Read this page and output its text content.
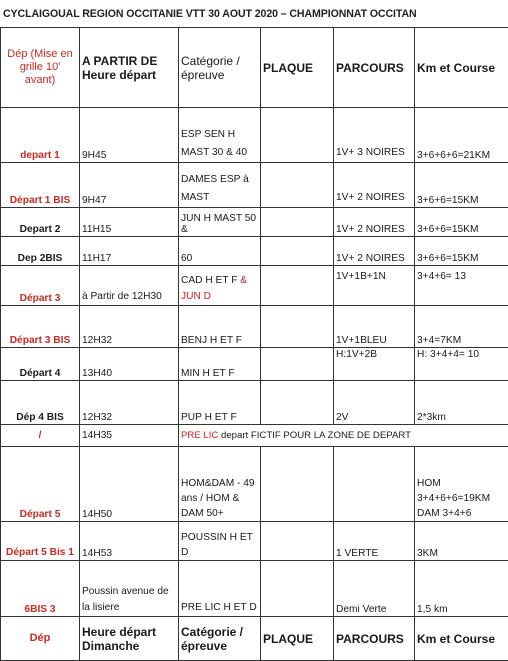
CYCLAIGOUAL REGION OCCITANIE VTT 30 AOUT 2020 – CHAMPIONNAT OCCITAN
Dép (Mise en grille 10' avant)	A PARTIR DE Heure départ	Catégorie /épreuve	PLAQUE	PARCOURS	Km et Course
depart 1	9H45	ESP SEN H MAST 30 & 40		1V+ 3 NOIRES	3+6+6+6=21KM
Départ 1 BIS	9H47	DAMES ESP à MAST		1V+ 2 NOIRES	3+6+6=15KM
Depart 2	11H15	JUN H MAST 50 &		1V+ 2 NOIRES	3+6+6=15KM
Dep 2BIS	11H17	60		1V+ 2 NOIRES	3+6+6=15KM
Départ 3	à Partir de 12H30	CAD H ET F & JUN D		1V+1B+1N	3+4+6= 13
Départ 3 BIS	12H32	BENJ H ET F		1V+1BLEU	3+4=7KM
Départ 4	13H40	MIN H ET F		H:1V+2B	H: 3+4+4= 10
Dép 4 BIS	12H32	PUP H ET F		2V	2*3km
/	14H35	PRE LIC depart FICTIF POUR LA ZONE DE DEPART			
Départ 5	14H50	HOM&DAM - 49 ans / HOM & DAM 50+			HOM 3+4+6+6=19KM DAM 3+4+6
Départ 5 Bis 1	14H53	POUSSIN H ET D		1 VERTE	3KM
6BIS 3	Poussin avenue de la lisiere	PRE LIC H ET D		Demi Verte	1,5 km
Dép	Heure départ Dimanche	Catégorie /épreuve	PLAQUE	PARCOURS	Km et Course
